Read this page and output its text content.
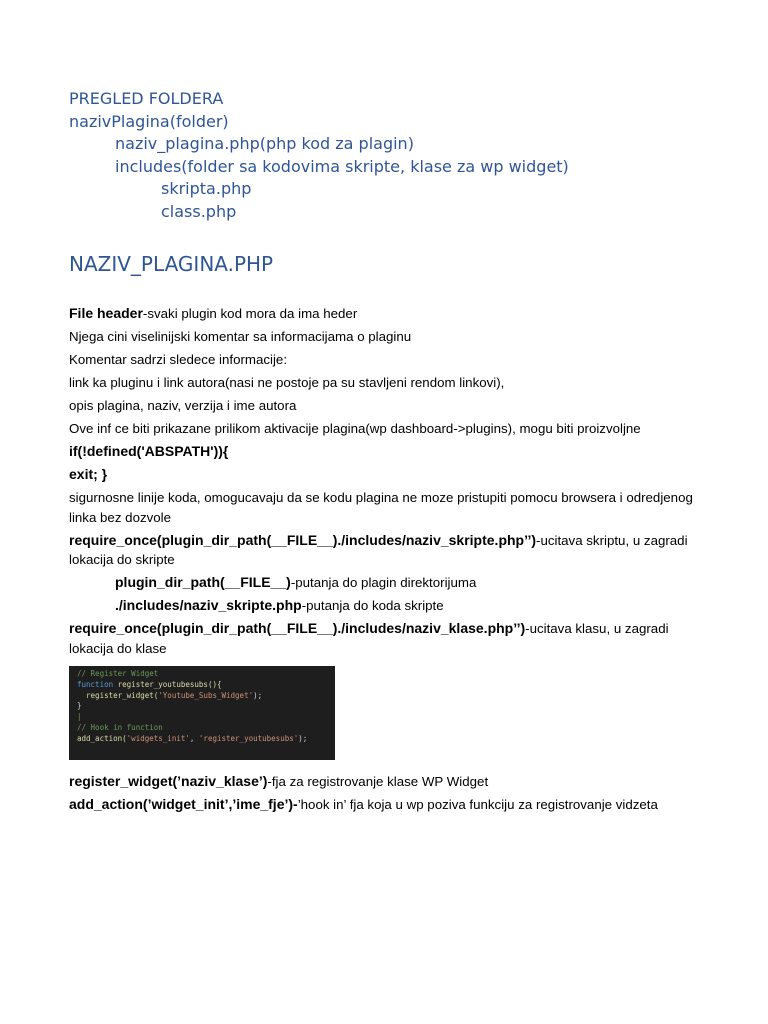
PREGLED FOLDERA
nazivPlagina(folder)
naziv_plagina.php(php kod za plagin)
includes(folder sa kodovima skripte, klase za wp widget)
skripta.php
class.php
NAZIV_PLAGINA.PHP
File header-svaki plugin kod mora da ima heder
Njega cini viselinijski komentar sa informacijama o plaginu
Komentar sadrzi sledece informacije:
link ka pluginu i link autora(nasi ne postoje pa su stavljeni rendom linkovi),
opis plagina, naziv, verzija i ime autora
Ove inf ce biti prikazane prilikom aktivacije plagina(wp dashboard->plugins), mogu biti proizvoljne
if(!defined('ABSPATH')){
exit; }
sigurnosne linije koda, omogucavaju da se kodu plagina ne moze pristupiti pomocu browsera i odredjenog linka bez dozvole
require_once(plugin_dir_path(__FILE__)./includes/naziv_skripte.php’’)-ucitava skriptu, u zagradi lokacija do skripte
plugin_dir_path(__FILE__)-putanja do plagin direktorijuma
./includes/naziv_skripte.php-putanja do koda skripte
require_once(plugin_dir_path(__FILE__)./includes/naziv_klase.php’’)-ucitava klasu, u zagradi lokacija do klase
// Register Widget
function register_youtubesubs(){
register_widget('Youtube_Subs_Widget');
}
|
// Hook in function
add_action('widgets_init', 'register_youtubesubs');
register_widget(’naziv_klase’)-fja za registrovanje klase WP Widget
add_action(’widget_init’,’ime_fje’)-’hook in’ fja koja u wp poziva funkciju za registrovanje vidzeta
